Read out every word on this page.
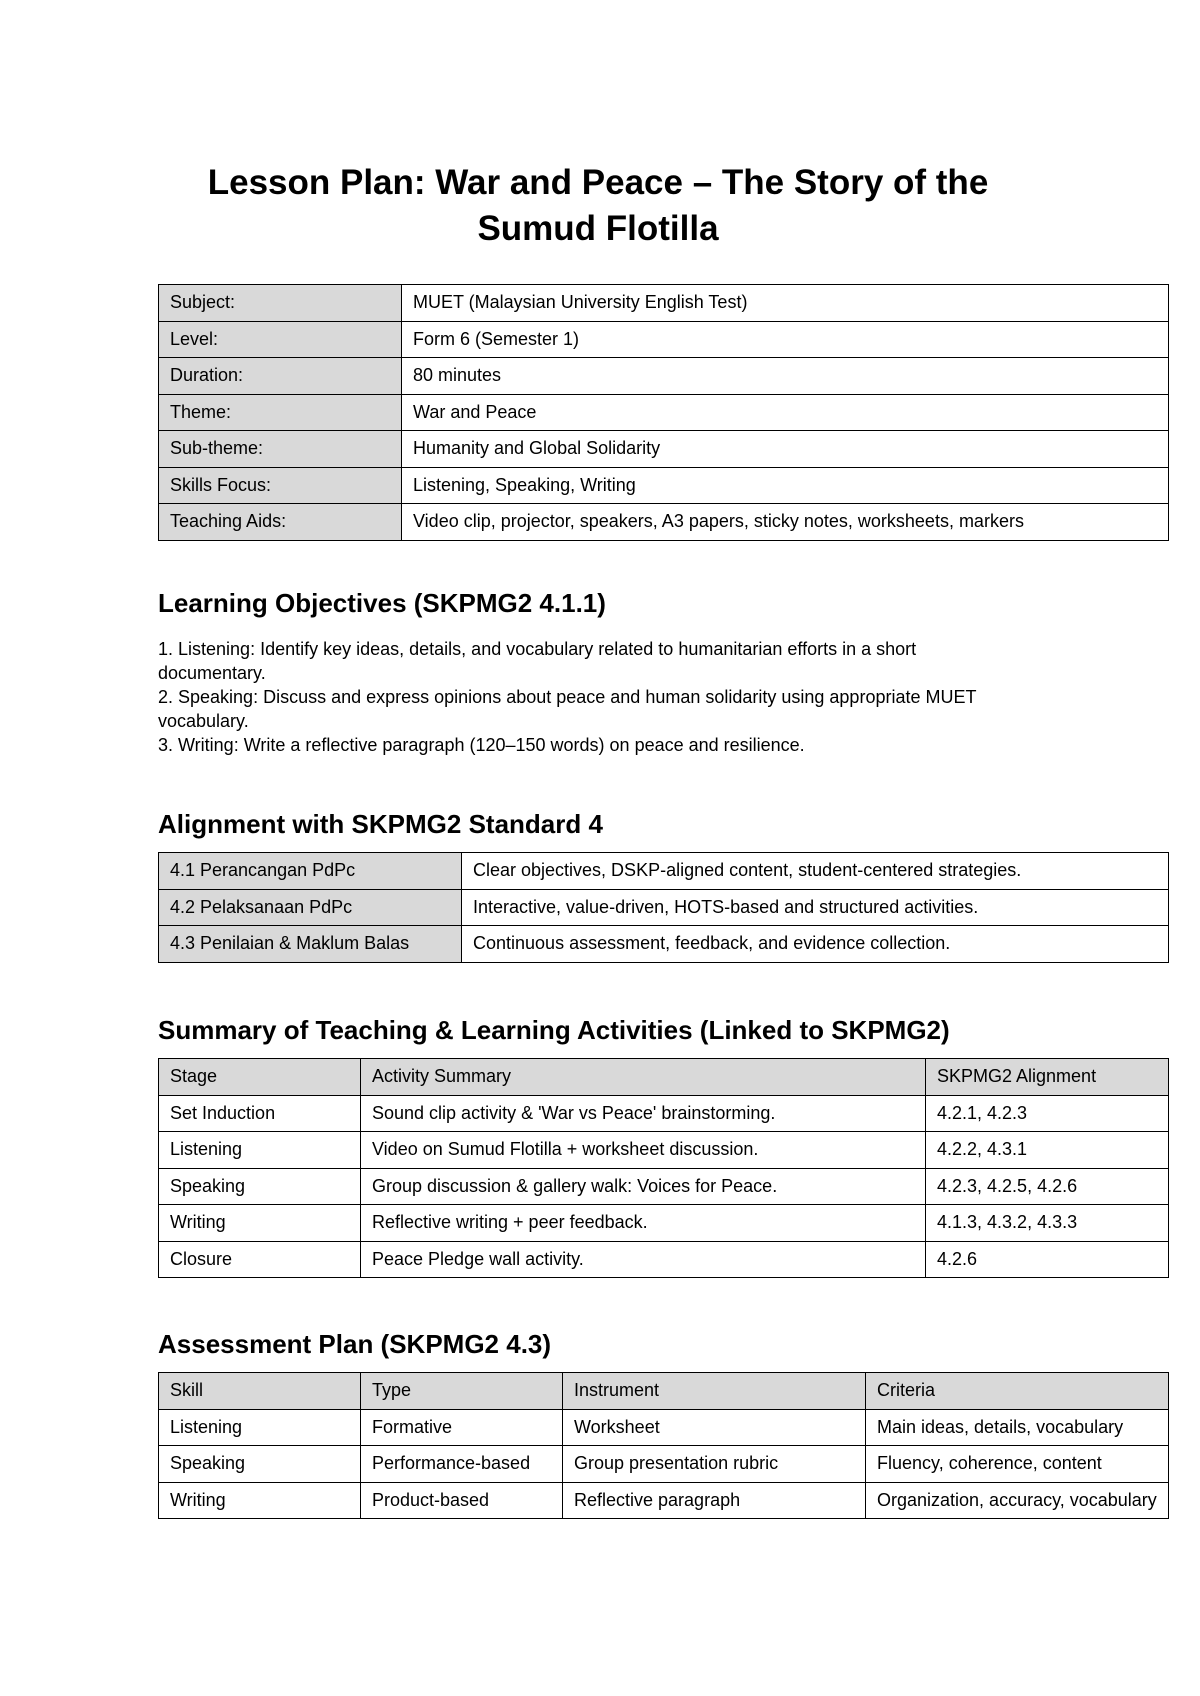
Lesson Plan: War and Peace – The Story of the Sumud Flotilla
Subject:	MUET (Malaysian University English Test)
Level:	Form 6 (Semester 1)
Duration:	80 minutes
Theme:	War and Peace
Sub-theme:	Humanity and Global Solidarity
Skills Focus:	Listening, Speaking, Writing
Teaching Aids:	Video clip, projector, speakers, A3 papers, sticky notes, worksheets, markers
Learning Objectives (SKPMG2 4.1.1)
1. Listening: Identify key ideas, details, and vocabulary related to humanitarian efforts in a short documentary.
2. Speaking: Discuss and express opinions about peace and human solidarity using appropriate MUET vocabulary.
3. Writing: Write a reflective paragraph (120–150 words) on peace and resilience.
Alignment with SKPMG2 Standard 4
4.1 Perancangan PdPc	Clear objectives, DSKP-aligned content, student-centered strategies.
4.2 Pelaksanaan PdPc	Interactive, value-driven, HOTS-based and structured activities.
4.3 Penilaian & Maklum Balas	Continuous assessment, feedback, and evidence collection.
Summary of Teaching & Learning Activities (Linked to SKPMG2)
Stage	Activity Summary	SKPMG2 Alignment
Set Induction	Sound clip activity & 'War vs Peace' brainstorming.	4.2.1, 4.2.3
Listening	Video on Sumud Flotilla + worksheet discussion.	4.2.2, 4.3.1
Speaking	Group discussion & gallery walk: Voices for Peace.	4.2.3, 4.2.5, 4.2.6
Writing	Reflective writing + peer feedback.	4.1.3, 4.3.2, 4.3.3
Closure	Peace Pledge wall activity.	4.2.6
Assessment Plan (SKPMG2 4.3)
Skill	Type	Instrument	Criteria
Listening	Formative	Worksheet	Main ideas, details, vocabulary
Speaking	Performance-based	Group presentation rubric	Fluency, coherence, content
Writing	Product-based	Reflective paragraph	Organization, accuracy, vocabulary
